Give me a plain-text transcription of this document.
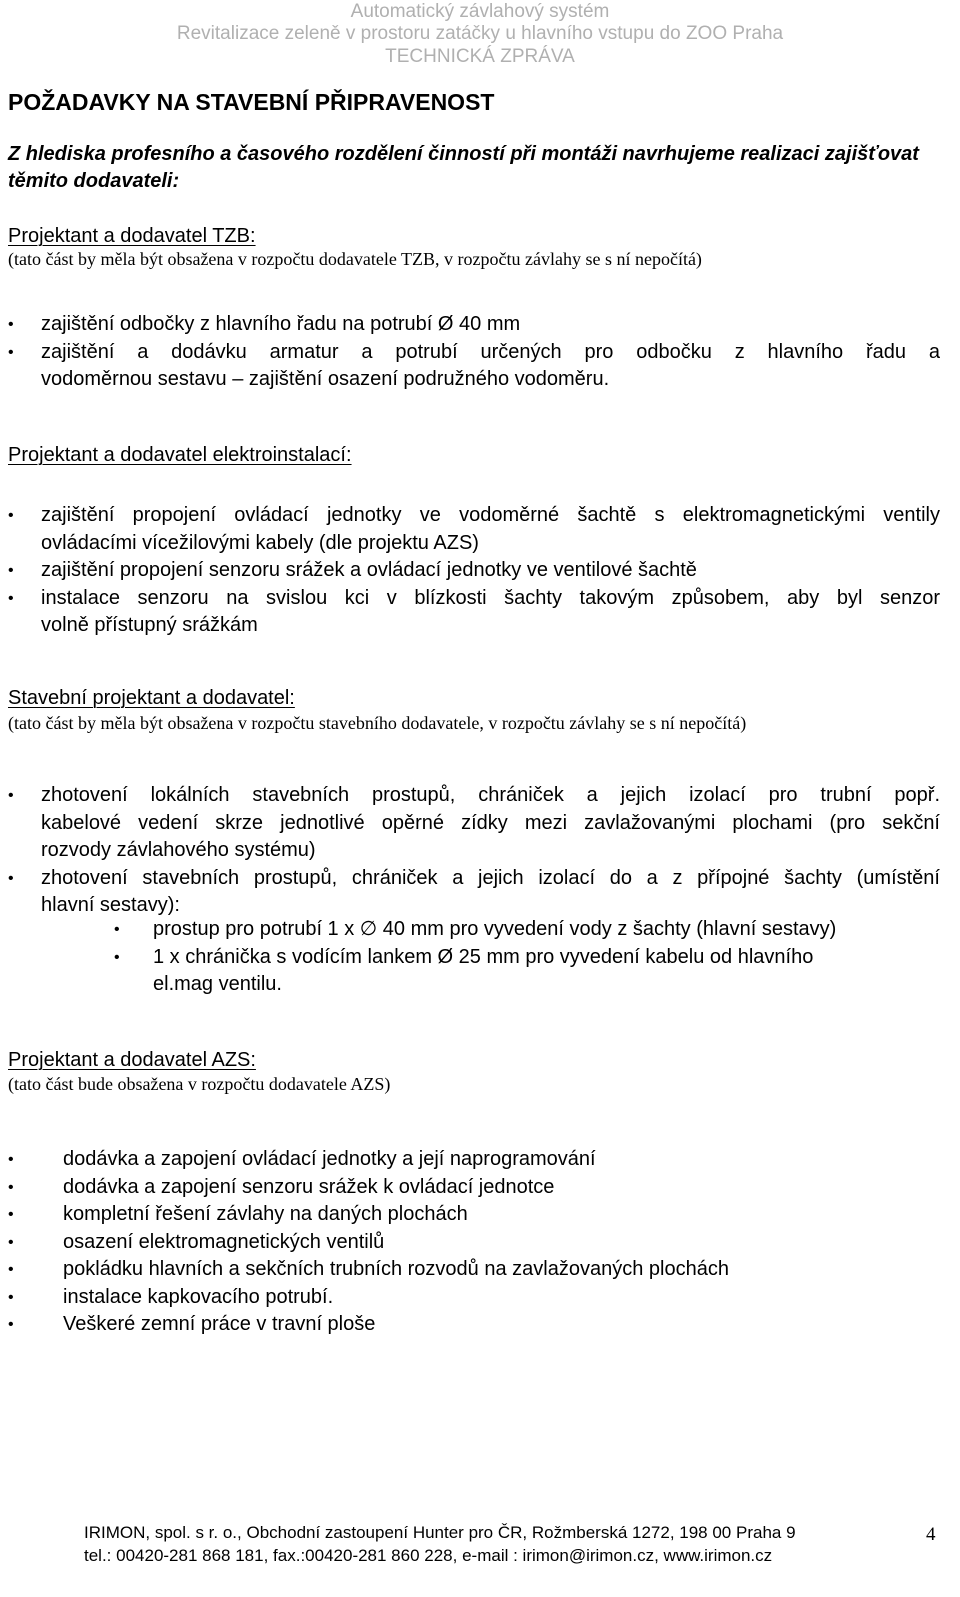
Automatický závlahový systém
Revitalizace zeleně v prostoru zatáčky u hlavního vstupu do ZOO Praha
TECHNICKÁ ZPRÁVA
POŽADAVKY NA STAVEBNÍ PŘIPRAVENOST
Z hlediska profesního a časového rozdělení činností při montáži navrhujeme realizaci zajišťovat těmito dodavateli:
Projektant a dodavatel TZB:
(tato část by měla být obsažena v rozpočtu dodavatele TZB, v rozpočtu závlahy se s ní nepočítá)
• zajištění odbočky z hlavního řadu na potrubí Ø 40 mm
• zajištění a dodávku armatur a potrubí určených pro odbočku z hlavního řadu a
vodoměrnou sestavu – zajištění osazení podružného vodoměru.
Projektant a dodavatel elektroinstalací:
• zajištění propojení ovládací jednotky ve vodoměrné šachtě s elektromagnetickými ventily
ovládacími vícežilovými kabely (dle projektu AZS)
• zajištění propojení senzoru srážek a ovládací jednotky ve ventilové šachtě
• instalace senzoru na svislou kci v blízkosti šachty takovým způsobem, aby byl senzor
volně přístupný srážkám
Stavební projektant a dodavatel:
(tato část by měla být obsažena v rozpočtu stavebního dodavatele, v rozpočtu závlahy se s ní nepočítá)
• zhotovení lokálních stavebních prostupů, chrániček a jejich izolací pro trubní popř.
kabelové vedení skrze jednotlivé opěrné zídky mezi zavlažovanými plochami (pro sekční
rozvody závlahového systému)
• zhotovení stavebních prostupů, chrániček a jejich izolací do a z přípojné šachty (umístění
hlavní sestavy):
• prostup pro potrubí 1 x ∅ 40 mm pro vyvedení vody z šachty (hlavní sestavy)
• 1 x chránička s vodícím lankem Ø 25 mm pro vyvedení kabelu od hlavního
el.mag ventilu.
Projektant a dodavatel AZS:
(tato část bude obsažena v rozpočtu dodavatele AZS)
• dodávka a zapojení ovládací jednotky a její naprogramování
• dodávka a zapojení senzoru srážek k ovládací jednotce
• kompletní řešení závlahy na daných plochách
• osazení elektromagnetických ventilů
• pokládku hlavních a sekčních trubních rozvodů na zavlažovaných plochách
• instalace kapkovacího potrubí.
• Veškeré zemní práce v travní ploše
IRIMON, spol. s r. o., Obchodní zastoupení Hunter pro ČR, Rožmberská 1272, 198 00 Praha 9
tel.: 00420-281 868 181, fax.:00420-281 860 228, e-mail : irimon@irimon.cz, www.irimon.cz
4
